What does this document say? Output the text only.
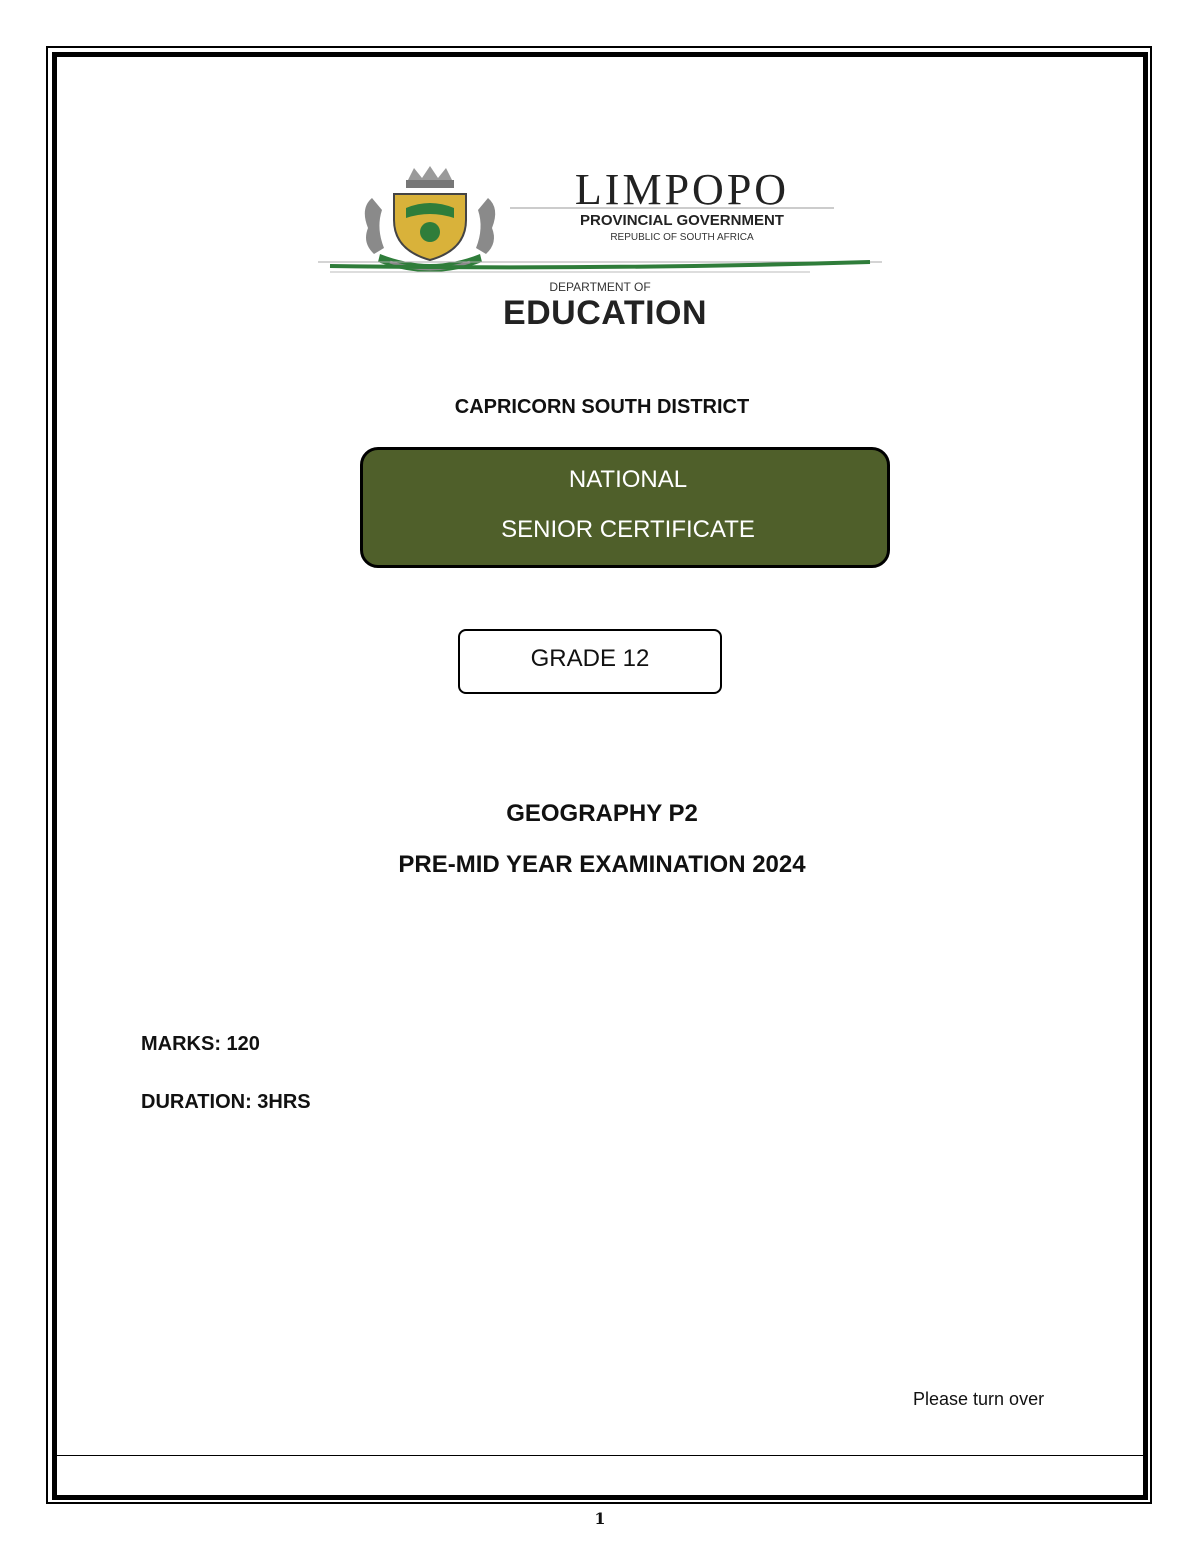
LIMPOPO
PROVINCIAL GOVERNMENT
REPUBLIC OF SOUTH AFRICA
DEPARTMENT OF
EDUCATION
CAPRICORN SOUTH DISTRICT
NATIONAL
SENIOR CERTIFICATE
GRADE 12
GEOGRAPHY P2
PRE-MID YEAR EXAMINATION 2024
MARKS: 120
DURATION: 3HRS
Please turn over
1
